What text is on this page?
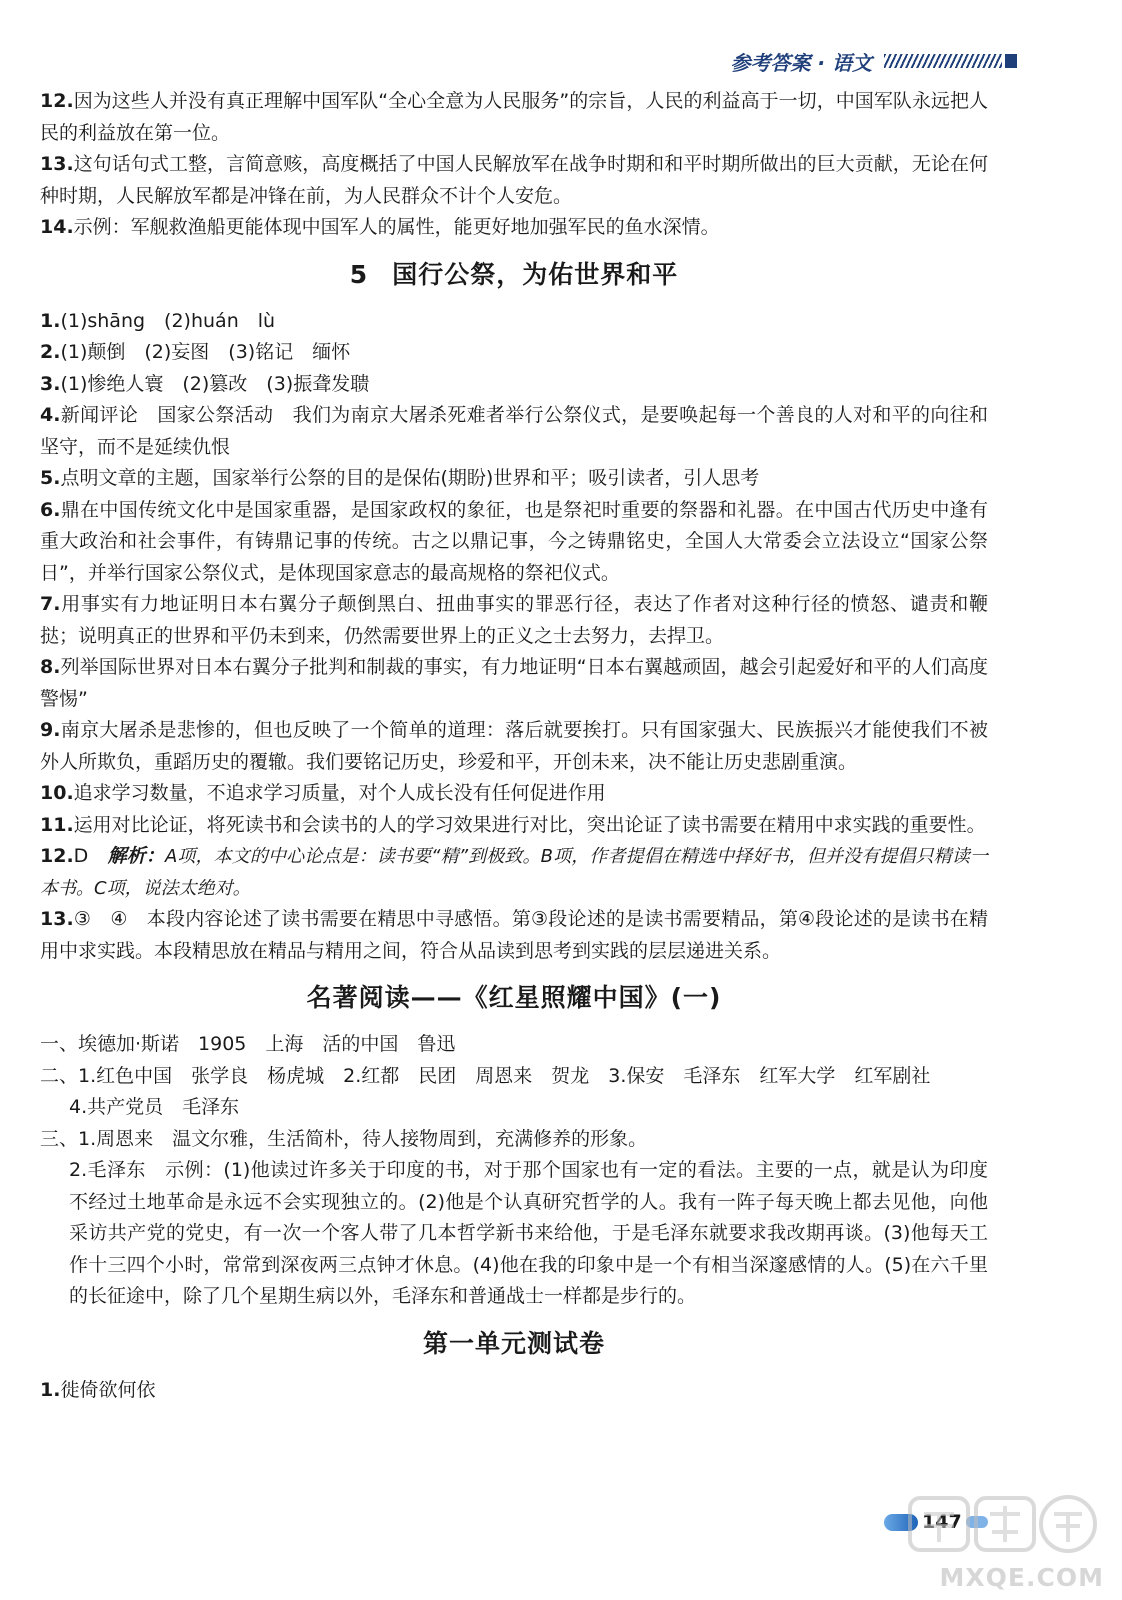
参考答案 · 语文

12.因为这些人并没有真正理解中国军队“全心全意为人民服务”的宗旨，人民的利益高于一切，中国军队永远把人民的利益放在第一位。

13.这句话句式工整，言简意赅，高度概括了中国人民解放军在战争时期和和平时期所做出的巨大贡献，无论在何种时期，人民解放军都是冲锋在前，为人民群众不计个人安危。

14.示例：军舰救渔船更能体现中国军人的属性，能更好地加强军民的鱼水深情。

5 国行公祭，为佑世界和平

1.(1)shāng　(2)huán　lù

2.(1)颠倒　(2)妄图　(3)铭记　缅怀

3.(1)惨绝人寰　(2)篡改　(3)振聋发聩

4.新闻评论　国家公祭活动　我们为南京大屠杀死难者举行公祭仪式，是要唤起每一个善良的人对和平的向往和坚守，而不是延续仇恨

5.点明文章的主题，国家举行公祭的目的是保佑(期盼)世界和平；吸引读者，引人思考

6.鼎在中国传统文化中是国家重器，是国家政权的象征，也是祭祀时重要的祭器和礼器。在中国古代历史中逢有重大政治和社会事件，有铸鼎记事的传统。古之以鼎记事，今之铸鼎铭史，全国人大常委会立法设立“国家公祭日”，并举行国家公祭仪式，是体现国家意志的最高规格的祭祀仪式。

7.用事实有力地证明日本右翼分子颠倒黑白、扭曲事实的罪恶行径，表达了作者对这种行径的愤怒、谴责和鞭挞；说明真正的世界和平仍未到来，仍然需要世界上的正义之士去努力，去捍卫。

8.列举国际世界对日本右翼分子批判和制裁的事实，有力地证明“日本右翼越顽固，越会引起爱好和平的人们高度警惕”

9.南京大屠杀是悲惨的，但也反映了一个简单的道理：落后就要挨打。只有国家强大、民族振兴才能使我们不被外人所欺负，重蹈历史的覆辙。我们要铭记历史，珍爱和平，开创未来，决不能让历史悲剧重演。

10.追求学习数量，不追求学习质量，对个人成长没有任何促进作用

11.运用对比论证，将死读书和会读书的人的学习效果进行对比，突出论证了读书需要在精用中求实践的重要性。

12.D　 解析：A项，本文的中心论点是：读书要“精”到极致。B项，作者提倡在精选中择好书，但并没有提倡只精读一本书。C项，说法太绝对。

13.③　④　本段内容论述了读书需要在精思中寻感悟。第③段论述的是读书需要精品，第④段论述的是读书在精用中求实践。本段精思放在精品与精用之间，符合从品读到思考到实践的层层递进关系。

名著阅读——《红星照耀中国》(一)

一、埃德加·斯诺　1905　上海　活的中国　鲁迅

二、1.红色中国　张学良　杨虎城　2.红都　民团　周恩来　贺龙　3.保安　毛泽东　红军大学　红军剧社

4.共产党员　毛泽东

三、1.周恩来　温文尔雅，生活简朴，待人接物周到，充满修养的形象。

2.毛泽东　示例：(1)他读过许多关于印度的书，对于那个国家也有一定的看法。主要的一点，就是认为印度不经过土地革命是永远不会实现独立的。(2)他是个认真研究哲学的人。我有一阵子每天晚上都去见他，向他采访共产党的党史，有一次一个客人带了几本哲学新书来给他，于是毛泽东就要求我改期再谈。(3)他每天工作十三四个小时，常常到深夜两三点钟才休息。(4)他在我的印象中是一个有相当深邃感情的人。(5)在六千里的长征途中，除了几个星期生病以外，毛泽东和普通战士一样都是步行的。

第一单元测试卷

1.徙倚欲何依

147
MXQE.COM
